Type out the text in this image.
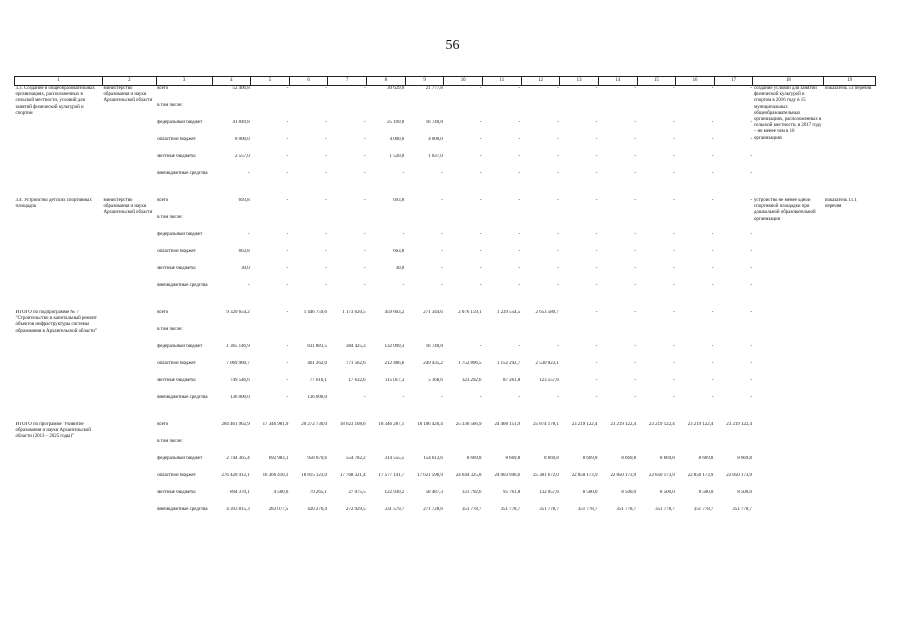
56
1	2	3	4	5	6	7	8	9	10	11	12	13	14	15	16	17	18	19
3.3. Создание в общеобразовательных организациях, расположенных в сельской местности, условий для занятий физической культурой и спортом	министерство образования и науки Архангельской области	всего	52 406,8	-	-	-	30 629,0	21 777,8	-	-	-	-	-	-	-	-	создание условий для занятий физической культурой и спортом в 2016 году в 15 муниципальных общеобразовательных организациях, расположенных в сельской местности, в 2017 году – не менее чем в 10 организациях	показатель 53 перечня
		в том числе:																
		федеральный бюджет	41 849,8	-	-	-	25 109,0	16 740,8	-	-	-	-	-	-	-	-		
		областной бюджет	8 000,0	-	-	-	4 000,0	4 000,0	-	-	-	-	-	-	-	-		
		местные бюджеты	2 557,0	-	-	-	1 520,0	1 037,0	-	-	-	-	-	-	-	-		
		внебюджетные средства	-	-	-	-	-	-	-	-	-	-	-	-	-	-		

3.4. Устройство детских спортивных площадок	министерство образования и науки Архангельской области	всего	693,8	-	-	-	693,8	-	-	-	-	-	-	-	-	-	устройство не менее одной спортивной площадки при дошкольной образовательной организации	показатель 11.1 перечня
		в том числе:																
		федеральный бюджет	-	-	-	-	-	-	-	-	-	-	-	-	-	-		
		областной бюджет	663,8	-	-	-	663,8	-	-	-	-	-	-	-	-	-		
		местные бюджеты	30,0	-	-	-	30,0	-	-	-	-	-	-	-	-	-		
		внебюджетные средства	-	-	-	-	-	-	-	-	-	-	-	-	-	-		

ИТОГО по подпрограмме № 7 "Строительство и капитальный ремонт объектов инфраструктуры системы образования в Архангельской области"		всего	9 320 654,2	-	1 446 759,6	1 173 620,5	459 603,2	271 344,6	2 076 159,1	1 239 554,5	2 653 580,7	-	-	-	-	-		
		в том числе:																
		федеральный бюджет	1 365 146,9	-	831 881,5	384 425,3	132 099,3	16 740,8	-	-	-	-	-	-	-	-		
		областной бюджет	7 069 960,7	-	461 262,0	771 562,6	212 486,6	249 435,2	1 752 896,5	1 152 292,7	2 530 023,1	-	-	-	-	-		
		местные бюджеты	749 546,6	-	77 616,1	17 632,6	115 017,3	5 168,6	323 292,6	87 261,8	123 557,6	-	-	-	-	-		
		внебюджетные средства	136 000,0	-	136 000,0	-	-	-	-	-	-	-	-	-	-	-		

ИТОГО по программе "Развитие образования и науки Архангельской области (2013 – 2025 годы)"		всего	284 461 962,9	17 346 981,9	20 272 730,0	18 623 108,6	18 346 287,1	18 106 426,4	25 336 566,9	24 468 151,9	25 874 178,1	23 219 122,4	23 219 122,4	23 219 122,4	23 219 122,4	23 219 122,4		
		в том числе:																
		федеральный бюджет	2 744 365,4	692 983,1	958 070,6	554 782,2	314 555,5	154 613,6	8 669,8	8 669,8	8 669,8	8 669,8	8 669,8	8 669,8	8 669,8	8 669,8		
		областной бюджет	276 420 412,1	16 366 410,3	18 815 123,0	17 768 321,4	17 577 141,7	17 621 596,9	24 644 325,8	24 003 946,6	25 381 672,0	22 850 173,9	22 850 173,9	22 850 173,9	22 850 173,9	22 850 173,9		
		местные бюджеты	894 370,1	4 500,0	79 265,1	27 075,5	122 930,2	58 487,3	331 792,6	95 761,8	132 057,6	8 500,0	8 500,0	8 500,0	8 500,0	8 500,0		
		внебюджетные средства	4 393 815,3	283 077,5	420 270,4	272 929,5	331 579,7	271 728,6	351 778,7	351 778,7	351 778,7	351 778,7	351 778,7	351 778,7	351 778,7	351 778,7		
